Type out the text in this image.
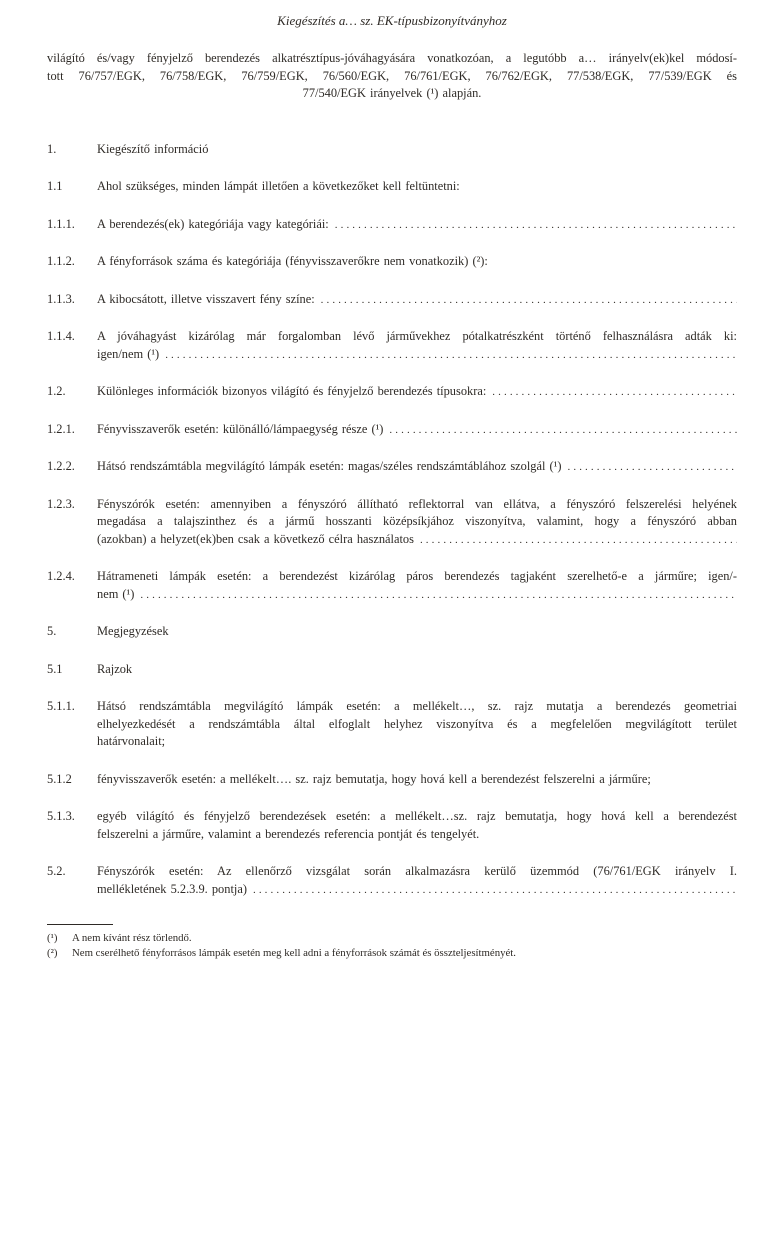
Kiegészítés a… sz. EK-típusbizonyítványhoz
világító és/vagy fényjelző berendezés alkatrésztípus-jóváhagyására vonatkozóan, a legutóbb a… irányelv(ek)kel módosí-
tott 76/757/EGK, 76/758/EGK, 76/759/EGK, 76/560/EGK, 76/761/EGK, 76/762/EGK, 77/538/EGK, 77/539/EGK és
77/540/EGK irányelvek (¹) alapján.
1.	Kiegészítő információ
1.1	Ahol szükséges, minden lámpát illetően a következőket kell feltüntetni:
1.1.1.	A berendezés(ek) kategóriája vagy kategóriái:
.....
1.1.2.	A fényforrások száma és kategóriája (fényvisszaverőkre nem vonatkozik) (²):
1.1.3.	A kibocsátott, illetve visszavert fény színe:
.....
1.1.4.	A jóváhagyást kizárólag már forgalomban lévő járművekhez pótalkatrészként történő felhasználásra adták ki:
igen/nem (¹)
.....
1.2.	Különleges információk bizonyos világító és fényjelző berendezés típusokra:
.....
1.2.1.	Fényvisszaverők esetén: különálló/lámpaegység része (¹)
.....
1.2.2.	Hátsó rendszámtábla megvilágító lámpák esetén: magas/széles rendszámtáblához szolgál (¹)
.....
1.2.3.	Fényszórók esetén: amennyiben a fényszóró állítható reflektorral van ellátva, a fényszóró felszerelési helyének
megadása a talajszinthez és a jármű hosszanti középsíkjához viszonyítva, valamint, hogy a fényszóró abban
(azokban) a helyzet(ek)ben csak a következő célra használatos
.....
1.2.4.	Hátrameneti lámpák esetén: a berendezést kizárólag páros berendezés tagjaként szerelhető-e a járműre; igen/-
nem (¹)
.....
5.	Megjegyzések
5.1	Rajzok
5.1.1.	Hátsó rendszámtábla megvilágító lámpák esetén: a mellékelt…, sz. rajz mutatja a berendezés geometriai
elhelyezkedését a rendszámtábla által elfoglalt helyhez viszonyítva és a megfelelően megvilágított terület
határvonalait;
5.1.2	fényvisszaverők esetén: a mellékelt…. sz. rajz bemutatja, hogy hová kell a berendezést felszerelni a járműre;
5.1.3.	egyéb világító és fényjelző berendezések esetén: a mellékelt…sz. rajz bemutatja, hogy hová kell a berendezést
felszerelni a járműre, valamint a berendezés referencia pontját és tengelyét.
5.2.	Fényszórók esetén: Az ellenőrző vizsgálat során alkalmazásra kerülő üzemmód (76/761/EGK irányelv I.
mellékletének 5.2.3.9. pontja)
.....
(¹)	A nem kívánt rész törlendő.
(²)	Nem cserélhető fényforrásos lámpák esetén meg kell adni a fényforrások számát és összteljesítményét.
